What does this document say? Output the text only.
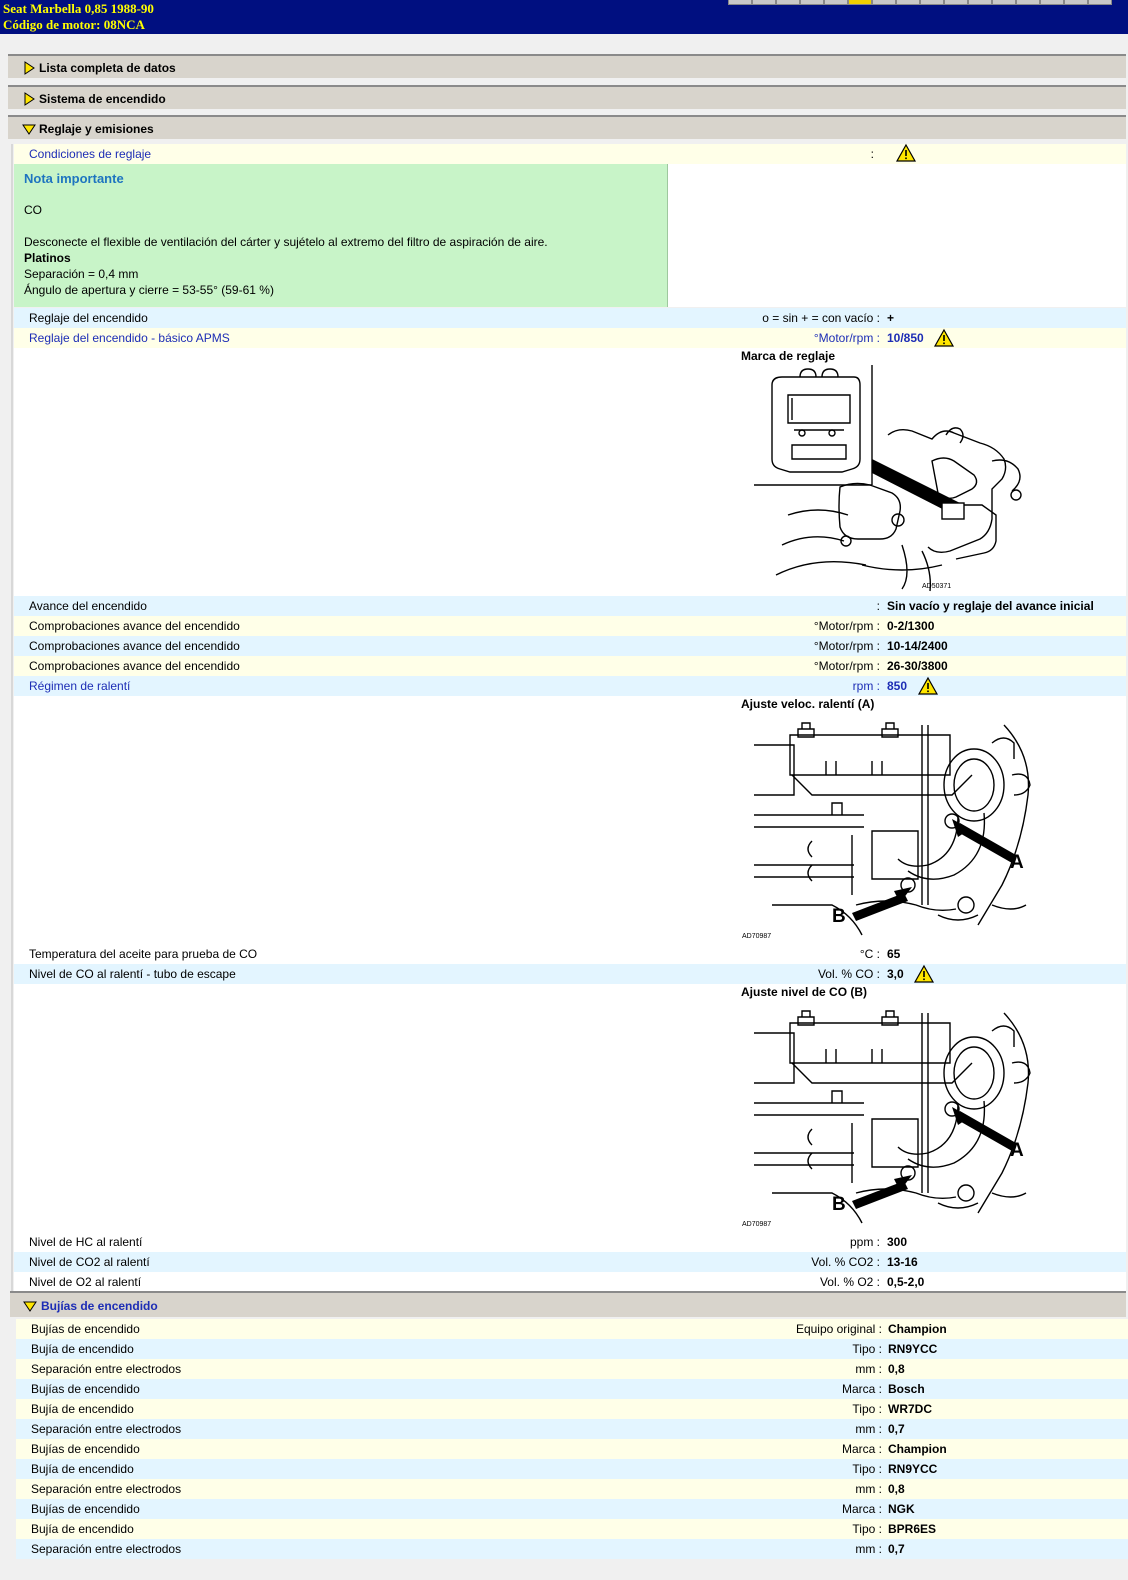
Seat Marbella 0,85 1988-90
Código de motor: 08NCA
Lista completa de datos
Sistema de encendido
Reglaje y emisiones
Condiciones de reglaje	:
Nota importante
CO
Desconecte el flexible de ventilación del cárter y sujételo al extremo del filtro de aspiración de aire.
Platinos
Separación = 0,4 mm
Ángulo de apertura y cierre = 53-55° (59-61 %)
Reglaje del encendido	o = sin + = con vacío : +
Reglaje del encendido - básico APMS	°Motor/rpm : 10/850
Marca de reglaje
AD50371
Avance del encendido	: Sin vacío y reglaje del avance inicial
Comprobaciones avance del encendido	°Motor/rpm : 0-2/1300
Comprobaciones avance del encendido	°Motor/rpm : 10-14/2400
Comprobaciones avance del encendido	°Motor/rpm : 26-30/3800
Régimen de ralentí	rpm : 850
Ajuste veloc. ralentí (A)
A
B
AD70987
Temperatura del aceite para prueba de CO	°C : 65
Nivel de CO al ralentí - tubo de escape	Vol. % CO : 3,0
Ajuste nivel de CO (B)
A
B
AD70987
Nivel de HC al ralentí	ppm : 300
Nivel de CO2 al ralentí	Vol. % CO2 : 13-16
Nivel de O2 al ralentí	Vol. % O2 : 0,5-2,0
Bujías de encendido
Bujías de encendido	Equipo original : Champion
Bujía de encendido	Tipo : RN9YCC
Separación entre electrodos	mm : 0,8
Bujías de encendido	Marca : Bosch
Bujía de encendido	Tipo : WR7DC
Separación entre electrodos	mm : 0,7
Bujías de encendido	Marca : Champion
Bujía de encendido	Tipo : RN9YCC
Separación entre electrodos	mm : 0,8
Bujías de encendido	Marca : NGK
Bujía de encendido	Tipo : BPR6ES
Separación entre electrodos	mm : 0,7
